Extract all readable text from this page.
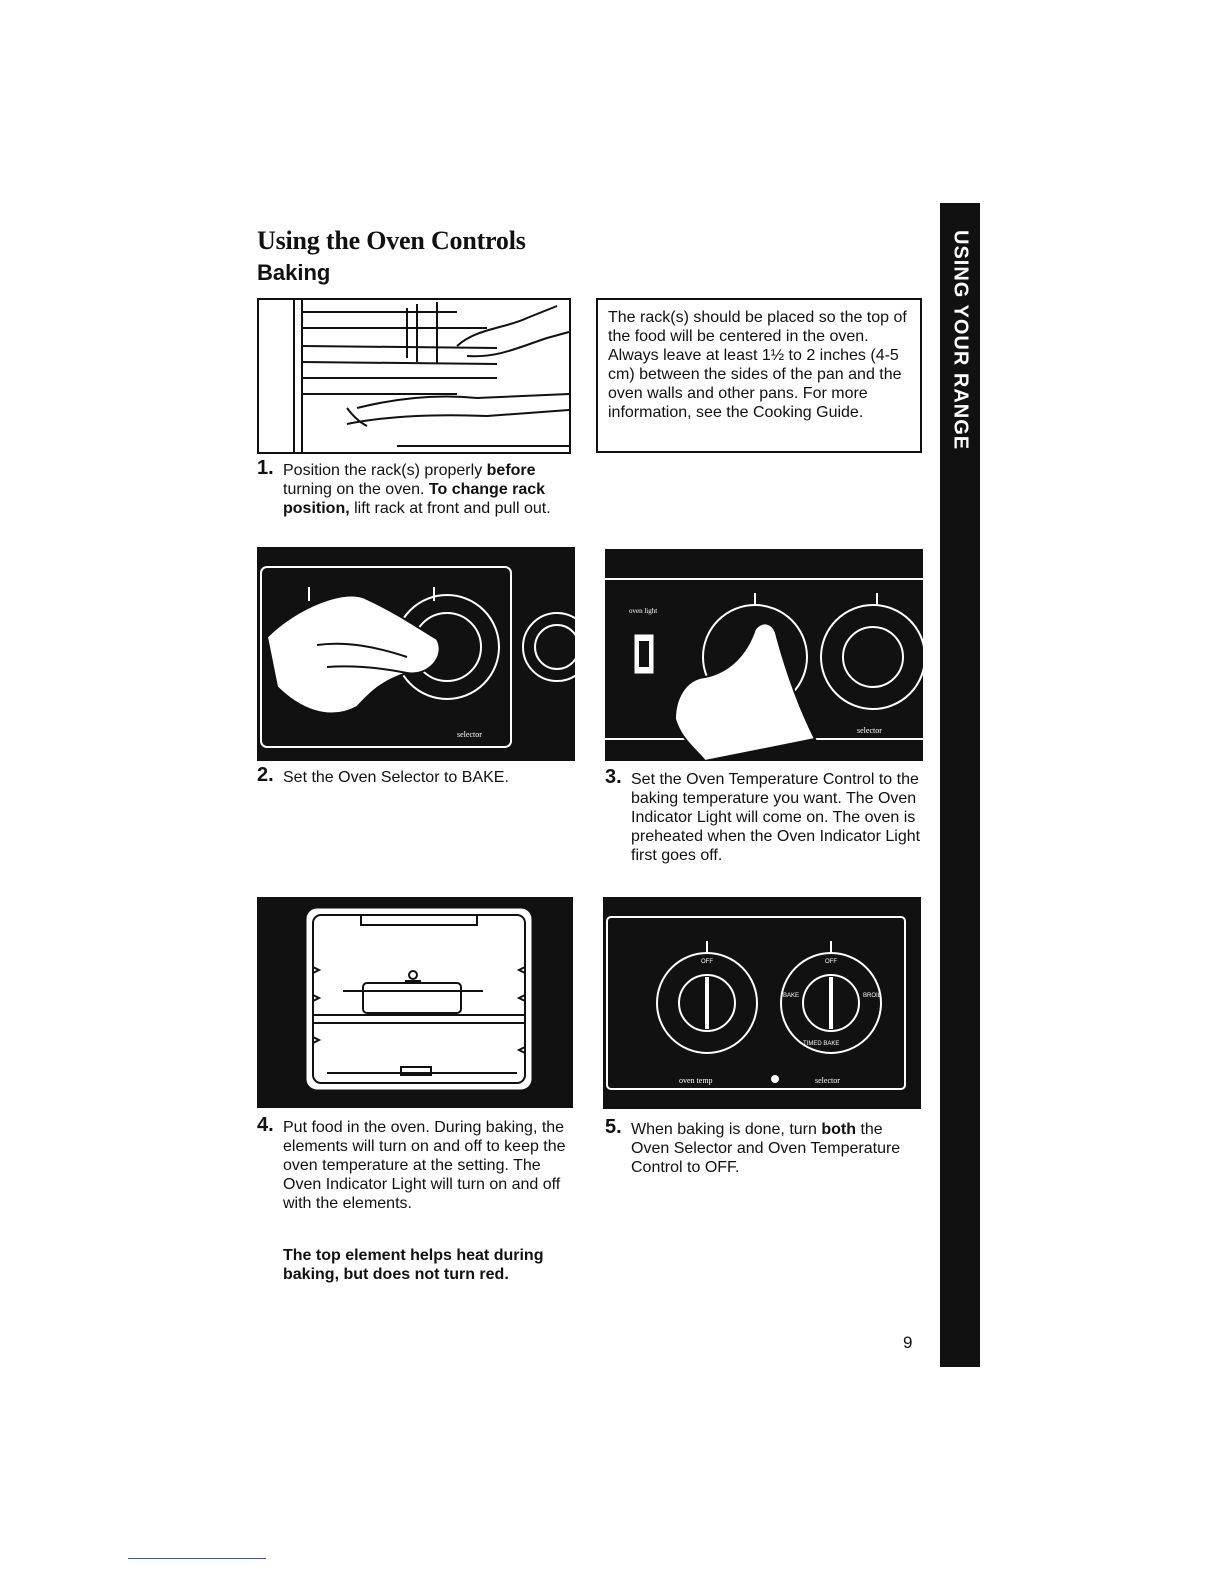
Using the Oven Controls
Baking	USING YOUR RANGE
The rack(s) should be placed so the top of the food will be centered in the oven. Always leave at least 1½ to 2 inches (4-5 cm) between the sides of the pan and the oven walls and other pans. For more information, see the Cooking Guide.
1. Position the rack(s) properly before turning on the oven. To change rack position, lift rack at front and pull out.
selector
2. Set the Oven Selector to BAKE.
oven light
selector
temp
3. Set the Oven Temperature Control to the baking temperature you want. The Oven Indicator Light will come on. The oven is preheated when the Oven Indicator Light first goes off.
4. Put food in the oven. During baking, the elements will turn on and off to keep the oven temperature at the setting. The Oven Indicator Light will turn on and off with the elements.
The top element helps heat during baking, but does not turn red.
OFF	OFF
BROIL
BAKE
TIMED BAKE
oven temp	selector
5. When baking is done, turn both the Oven Selector and Oven Temperature Control to OFF.
9
